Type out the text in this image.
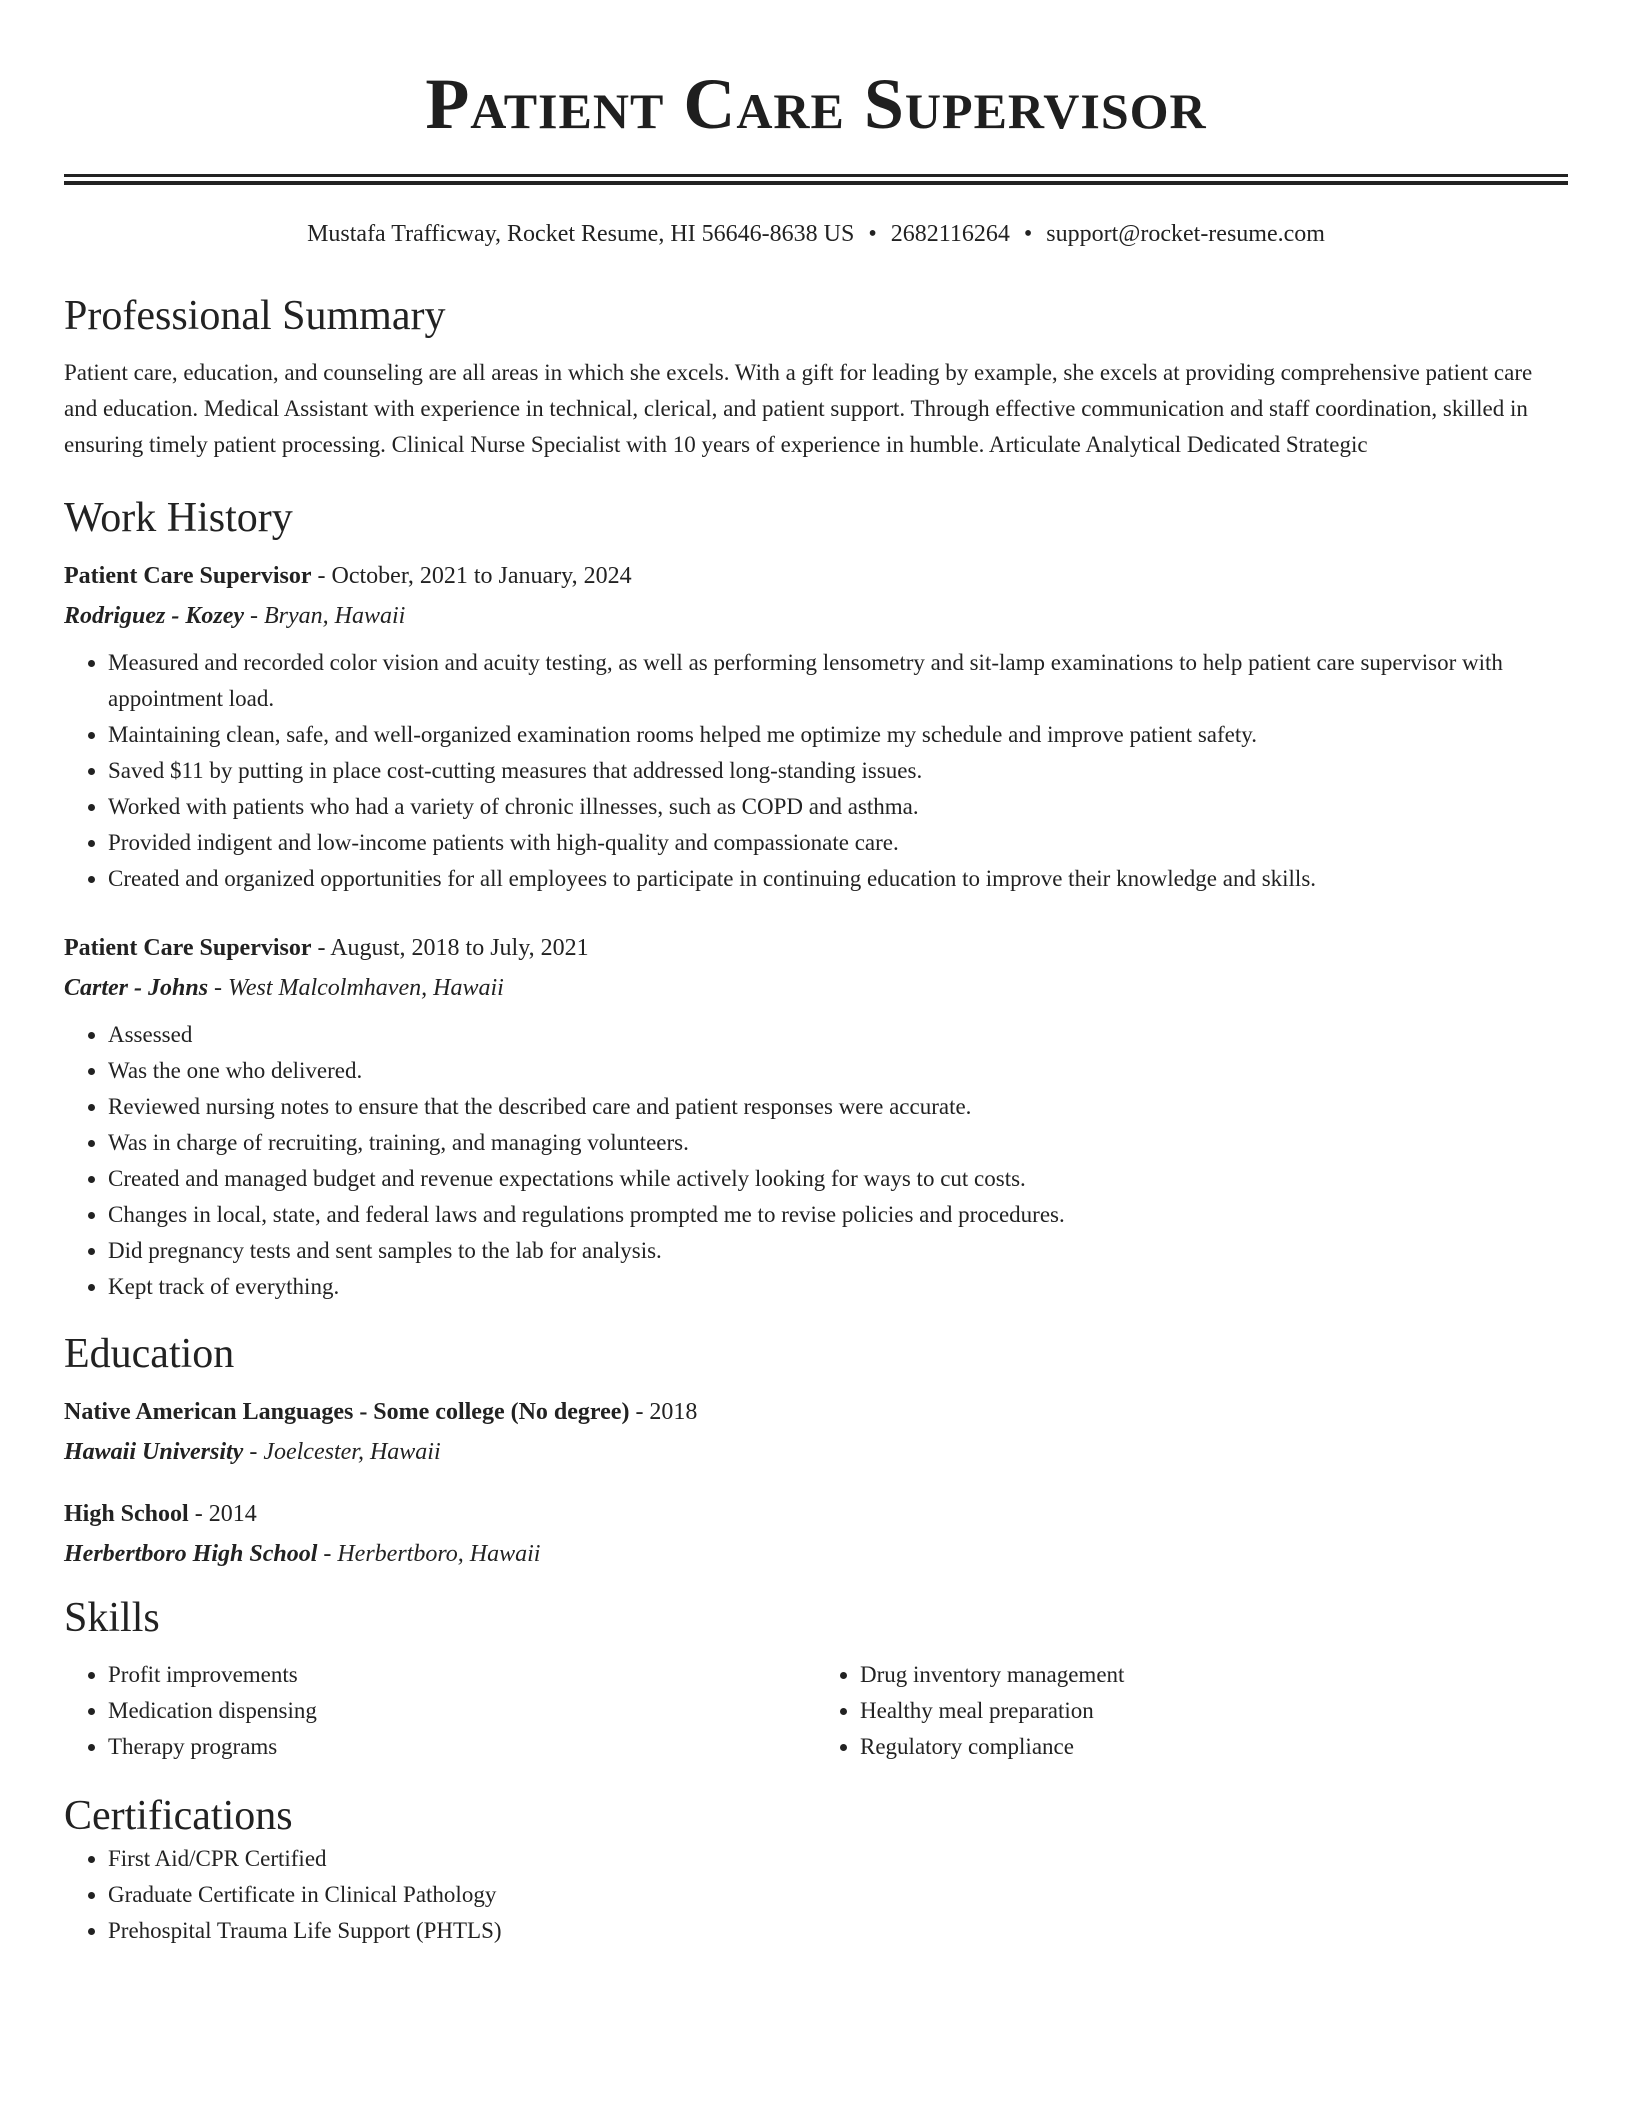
Patient Care Supervisor
Mustafa Trafficway, Rocket Resume, HI 56646-8638 US • 2682116264 • support@rocket-resume.com
Professional Summary
Patient care, education, and counseling are all areas in which she excels. With a gift for leading by example, she excels at providing comprehensive patient care and education. Medical Assistant with experience in technical, clerical, and patient support. Through effective communication and staff coordination, skilled in ensuring timely patient processing. Clinical Nurse Specialist with 10 years of experience in humble. Articulate Analytical Dedicated Strategic
Work History
Patient Care Supervisor - October, 2021 to January, 2024
Rodriguez - Kozey - Bryan, Hawaii
• Measured and recorded color vision and acuity testing, as well as performing lensometry and sit-lamp examinations to help patient care supervisor with appointment load.
• Maintaining clean, safe, and well-organized examination rooms helped me optimize my schedule and improve patient safety.
• Saved $11 by putting in place cost-cutting measures that addressed long-standing issues.
• Worked with patients who had a variety of chronic illnesses, such as COPD and asthma.
• Provided indigent and low-income patients with high-quality and compassionate care.
• Created and organized opportunities for all employees to participate in continuing education to improve their knowledge and skills.
Patient Care Supervisor - August, 2018 to July, 2021
Carter - Johns - West Malcolmhaven, Hawaii
• Assessed
• Was the one who delivered.
• Reviewed nursing notes to ensure that the described care and patient responses were accurate.
• Was in charge of recruiting, training, and managing volunteers.
• Created and managed budget and revenue expectations while actively looking for ways to cut costs.
• Changes in local, state, and federal laws and regulations prompted me to revise policies and procedures.
• Did pregnancy tests and sent samples to the lab for analysis.
• Kept track of everything.
Education
Native American Languages - Some college (No degree) - 2018
Hawaii University - Joelcester, Hawaii
High School - 2014
Herbertboro High School - Herbertboro, Hawaii
Skills
• Profit improvements
• Medication dispensing
• Therapy programs
• Drug inventory management
• Healthy meal preparation
• Regulatory compliance
Certifications
• First Aid/CPR Certified
• Graduate Certificate in Clinical Pathology
• Prehospital Trauma Life Support (PHTLS)
